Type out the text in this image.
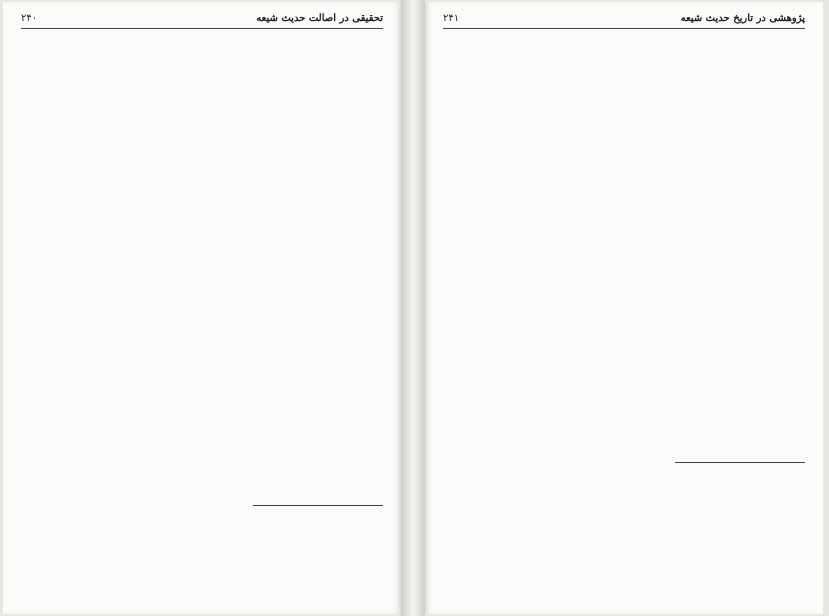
تحقیقی در اصالت حدیث شیعه
۲۴۰	پژوهشی در تاریخ حدیث شیعه
۲۴۱
